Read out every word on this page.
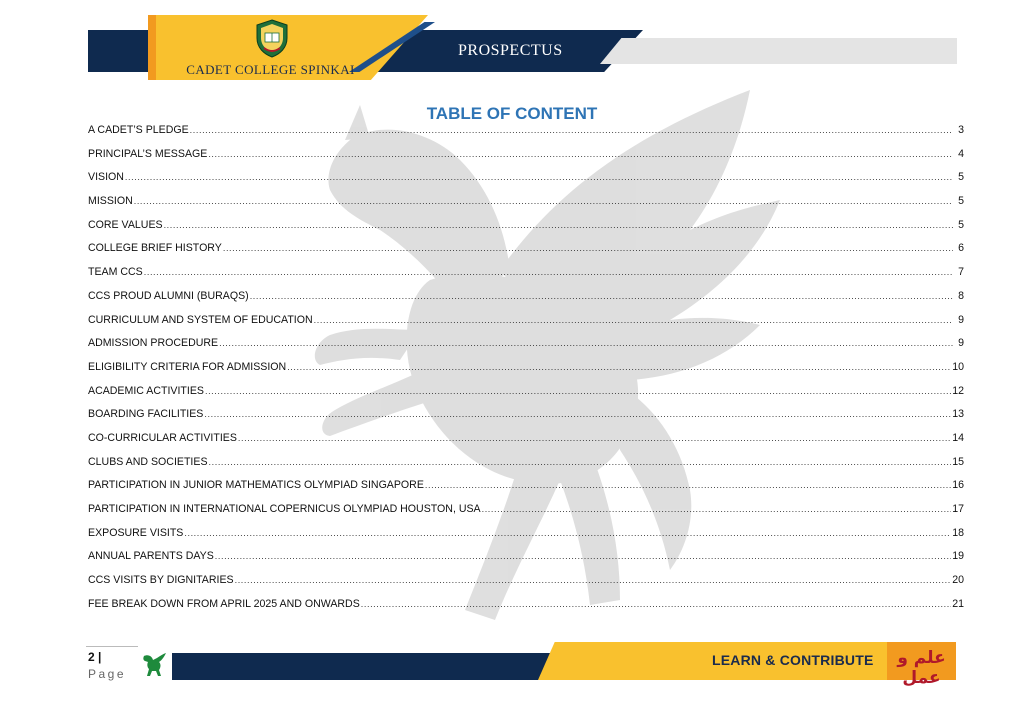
CADET COLLEGE SPINKAI
PROSPECTUS
TABLE OF CONTENT
A CADET’S PLEDGE .....	3
PRINCIPAL’S MESSAGE .....	4
VISION .....	5
MISSION .....	5
CORE VALUES .....	5
COLLEGE BRIEF HISTORY .....	6
TEAM CCS .....	7
CCS PROUD ALUMNI (BURAQS) .....	8
CURRICULUM AND SYSTEM OF EDUCATION .....	9
ADMISSION PROCEDURE .....	9
ELIGIBILITY CRITERIA FOR ADMISSION .....	10
ACADEMIC ACTIVITIES .....	12
BOARDING FACILITIES .....	13
CO-CURRICULAR ACTIVITIES .....	14
CLUBS AND SOCIETIES .....	15
PARTICIPATION IN JUNIOR MATHEMATICS OLYMPIAD SINGAPORE .....	16
PARTICIPATION IN INTERNATIONAL COPERNICUS OLYMPIAD HOUSTON, USA .....	17
EXPOSURE VISITS .....	18
ANNUAL PARENTS DAYS .....	19
CCS VISITS BY DIGNITARIES .....	20
FEE BREAK DOWN FROM APRIL 2025 AND ONWARDS .....	21
2 |
Page
علم و عمل
LEARN & CONTRIBUTE
